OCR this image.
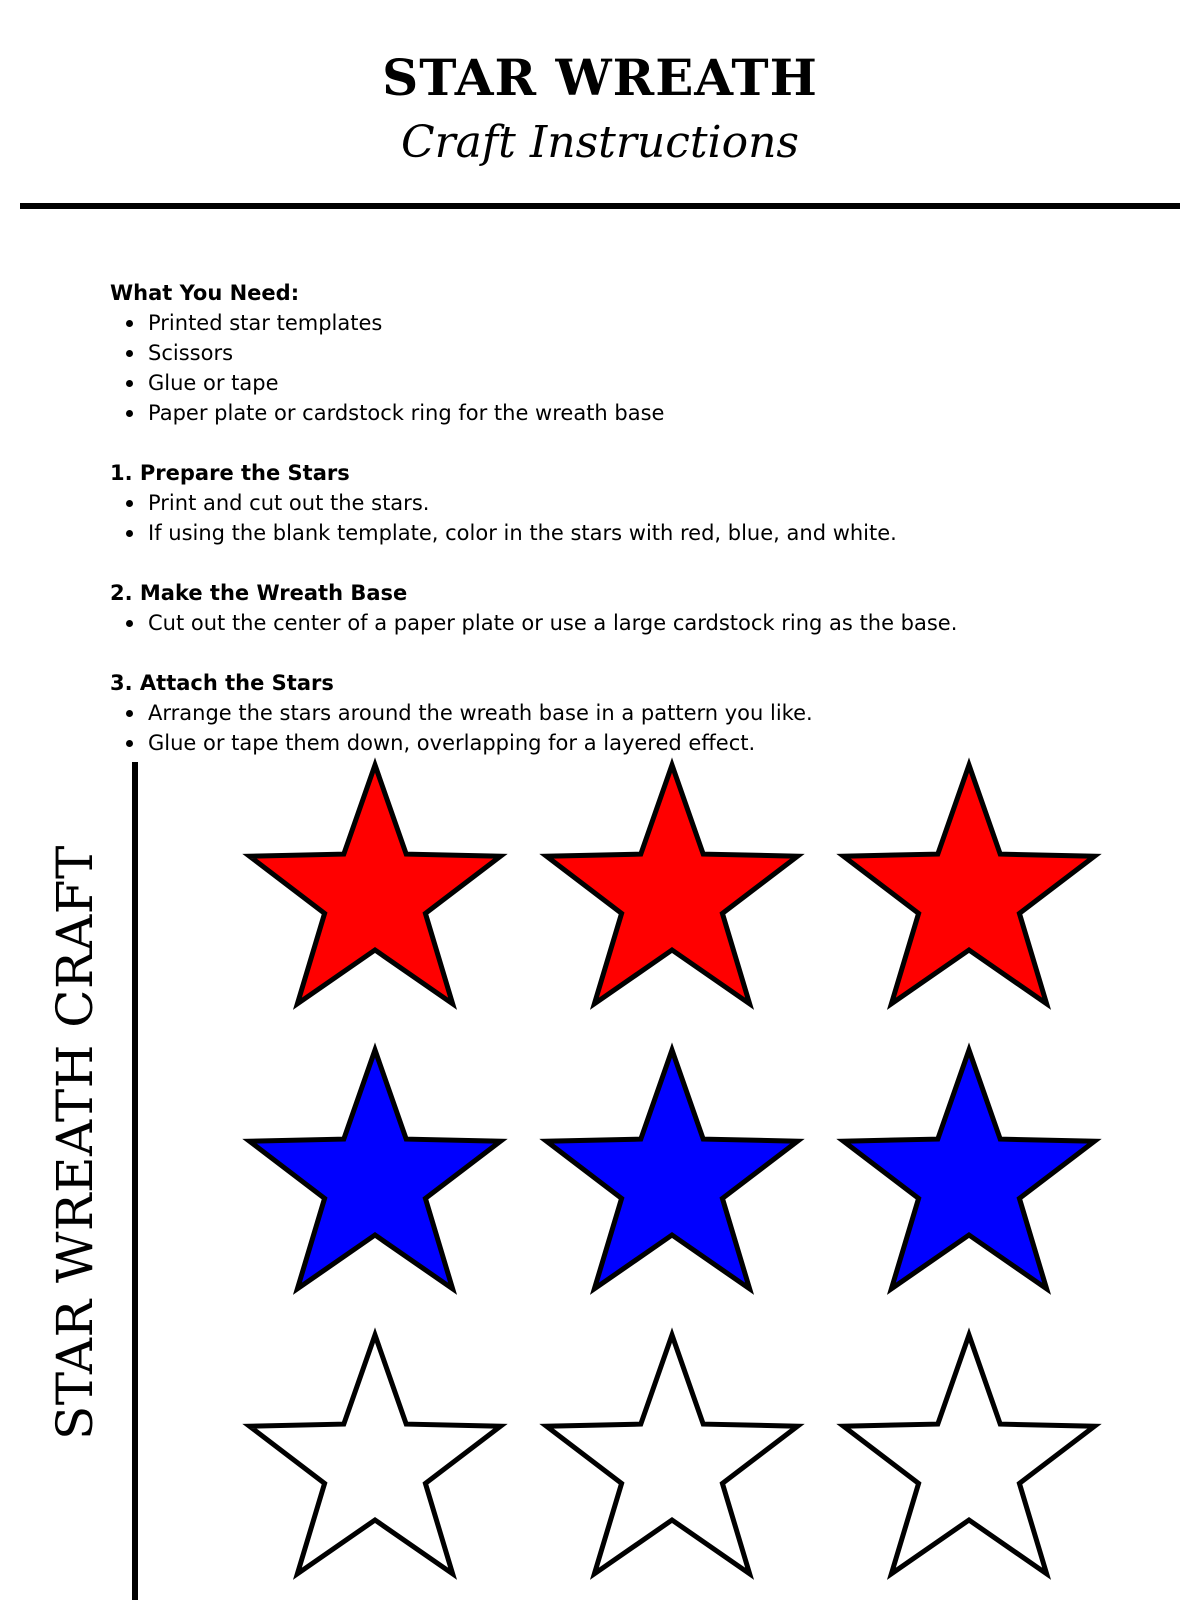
STAR WREATH
Craft Instructions

What You Need:

Printed star templates
Scissors
Glue or tape
Paper plate or cardstock ring for the wreath base

1. Prepare the Stars

Print and cut out the stars.
If using the blank template, color in the stars with red, blue, and white.

2. Make the Wreath Base

Cut out the center of a paper plate or use a large cardstock ring as the base.

3. Attach the Stars

Arrange the stars around the wreath base in a pattern you like.
Glue or tape them down, overlapping for a layered effect.
STAR WREATH CRAFT
